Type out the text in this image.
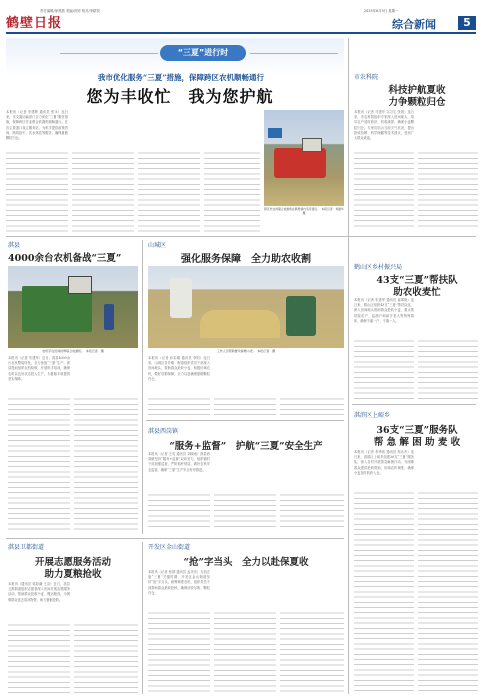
责任编辑/徐燕燕 美编/田婷 校对/李耕牧
鹤壁日报
2025年6月5日 星期一
综合新闻	5
“三夏”进行时
我市优化服务“三夏”措施，保障跨区农机顺畅通行
您为丰收忙　我为您护航
本报讯（记者 李建辉 通讯员 张永）连日来，市交通运输部门全力优化“三夏”服务措施，保障跨区作业联合收割机顺畅通行。在各主要道口设立服务站，为机手提供政策咨询、路线指引、饮水休息等服务，确保夏粮颗粒归仓。
跨区作业的联合收割机在鹤壁境内有序通行。　本报记者　刘建华　摄
市农科院
科技护航夏收
力争颗粒归仓
本报讯（记者 马建华 实习生 张园）连日来，市农科院组织专家深入田间地头，指导农户适时收获、机收减损，确保小麦颗粒归仓。专家们结合当前天气状况，提出抢收抢晒、科学储藏等技术建议，受到广大群众欢迎。
淇县
4000余台农机备战“三夏”
农机手在田间检修联合收割机。　本报记者　摄
本报讯（记者 朱建军）近日，淇县4000余台农机整装待发，全力备战“三夏”生产。该县提前组织农机检修，开展机手培训，确保农机以良好状态投入生产，为夏粮丰收提供坚实保障。
山城区
强化服务保障　全力助农收割
工作人员帮助群众晾晒小麦。　本报记者　摄
本报讯（记者 孙彩娜 通讯员 李阳）连日来，山城区各乡镇、街道组织党员干部深入田间地头，帮助群众抢收小麦，积极协调农机，做好后勤保障，全力以赴确保夏粮颗粒归仓。
鹤山区乡村振兴局
43支“三夏”帮扶队
助农收麦忙
本报讯（记者 朱建军 通讯员 崔翠艳）连日来，鹤山区组织43支“三夏”帮扶队伍，深入田间地头帮助群众抢收小麦，重点帮扶脱贫户、监测户和留守老人等特殊群体，确保不漏一户、不落一人。
淇县西岗镇
“服务+监督”　护航“三夏”安全生产
本报讯（记者 王英 通讯员 刘晓雨）淇县西岗镇坚持“服务+监督”双向发力，组织镇村干部加强巡查，严防秸秆焚烧，做好农机安全监管，确保“三夏”生产安全有序推进。
淇滨区上峪乡
36支“三夏”服务队
帮 急 解 困 助 麦 收
本报讯（记者 李秀伟 通讯员 郭永杰）连日来，淇滨区上峪乡组建36支“三夏”服务队，深入各村开展帮急解困行动，为困难群众提供抢收帮助，协调农机调度，确保小麦及时收获入仓。
淇县卫都街道
开展志愿服务活动
助力夏粮抢收
本报讯（通讯员 梁如谦 王双）近日，淇县卫都街道组织志愿者深入田间开展志愿服务活动，帮助群众抢收小麦、搬运粮食，为困难群众送去清凉物资，助力夏粮抢收。
开发区金山街道
“抢”字当头　全力以赴保夏收
本报讯（记者 张园 通讯员 孟庆光）当前正值“三夏”关键时期，开发区金山街道坚持“抢”字当头，统筹调度农机，组织党员干部帮助群众抢收抢种，确保应收尽收、颗粒归仓。
